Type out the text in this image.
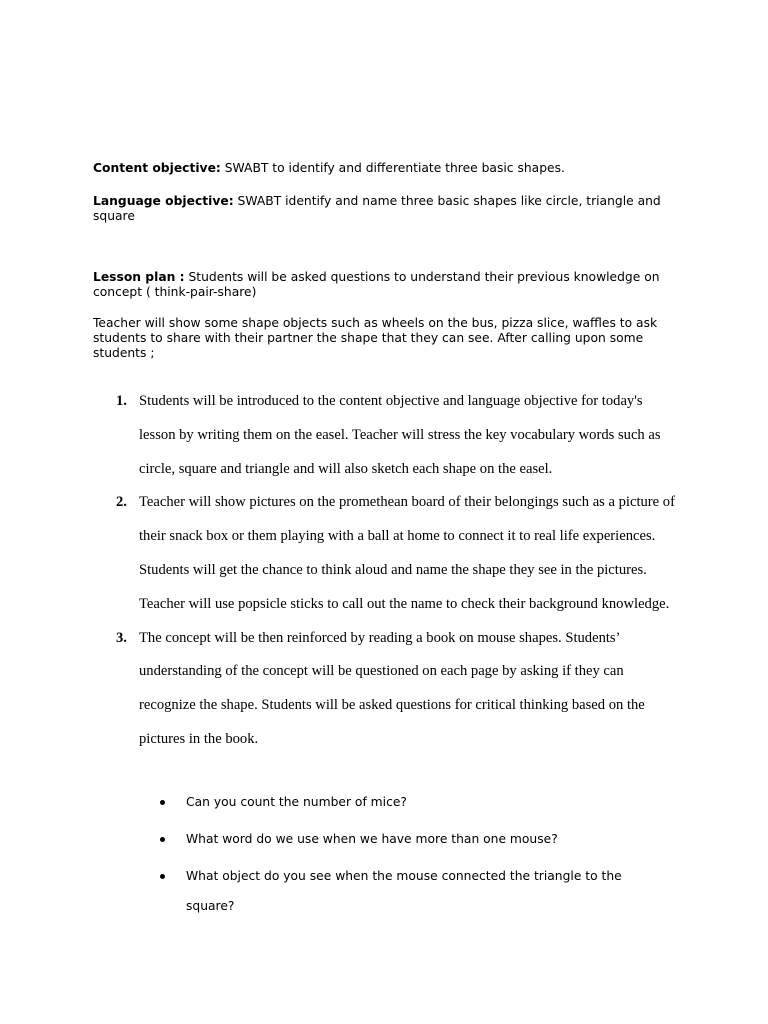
Content objective: SWABT to identify and differentiate three basic shapes.

Language objective: SWABT identify and name three basic shapes like circle, triangle and square

Lesson plan : Students will be asked questions to understand their previous knowledge on concept ( think-pair-share)

Teacher will show some shape objects such as wheels on the bus, pizza slice, waffles to ask students to share with their partner the shape that they can see. After calling upon some students ;

1. Students will be introduced to the content objective and language objective for today's lesson by writing them on the easel. Teacher will stress the key vocabulary words such as circle, square and triangle and will also sketch each shape on the easel.
2. Teacher will show pictures on the promethean board of their belongings such as a picture of their snack box or them playing with a ball at home to connect it to real life experiences. Students will get the chance to think aloud and name the shape they see in the pictures. Teacher will use popsicle sticks to call out the name to check their background knowledge.
3. The concept will be then reinforced by reading a book on mouse shapes. Students’ understanding of the concept will be questioned on each page by asking if they can recognize the shape. Students will be asked questions for critical thinking based on the pictures in the book.
Can you count the number of mice?
What word do we use when we have more than one mouse?
What object do you see when the mouse connected the triangle to the square?
